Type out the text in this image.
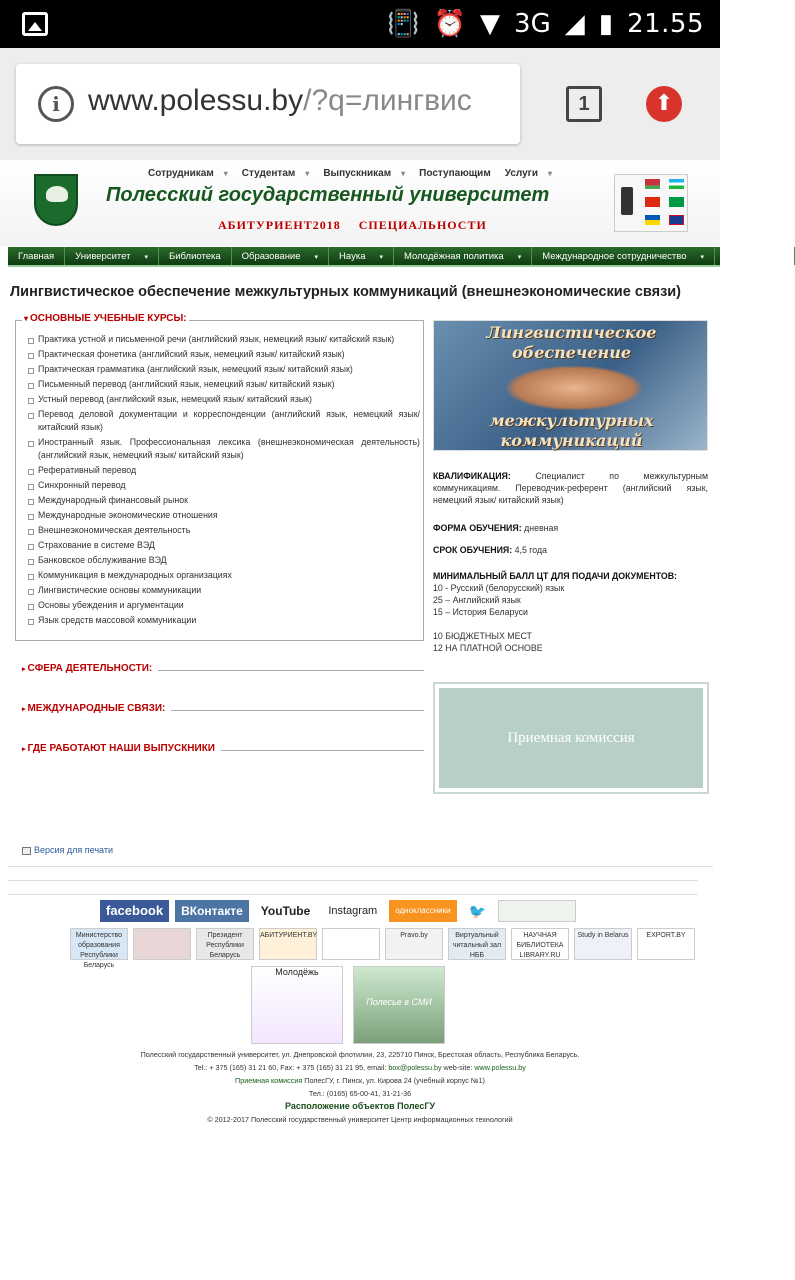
📳 ⏰ ▼ 3G ◢ ▮ 21.55
i www.polessu.by/?q=лингвис	1	⬆
Сотрудникам ▾ Студентам ▾ Выпускникам ▾ Поступающим Услуги ▾
Полесский государственный университет
АБИТУРИЕНТ2018 СПЕЦИАЛЬНОСТИ
Главная	Университет ▾	Библиотека	Образование ▾	Наука ▾	Молодёжная политика ▾	Международное сотрудничество ▾	Контакты ▾
Лингвистическое обеспечение межкультурных коммуникаций (внешнеэкономические связи)
▾ ОСНОВНЫЕ УЧЕБНЫЕ КУРСЫ:
Практика устной и письменной речи (английский язык, немецкий язык/ китайский язык)
Практическая фонетика (английский язык, немецкий язык/ китайский язык)
Практическая грамматика (английский язык, немецкий язык/ китайский язык)
Письменный перевод (английский язык, немецкий язык/ китайский язык)
Устный перевод (английский язык, немецкий язык/ китайский язык)
Перевод деловой документации и корреспонденции (английский язык, немецкий язык/ китайский язык)
Иностранный язык. Профессиональная лексика (внешнеэкономическая деятельность) (английский язык, немецкий язык/ китайский язык)
Реферативный перевод
Синхронный перевод
Международный финансовый рынок
Международные экономические отношения
Внешнеэкономическая деятельность
Страхование в системе ВЭД
Банковское обслуживание ВЭД
Коммуникация в международных организациях
Лингвистические основы коммуникации
Основы убеждения и аргументации
Язык средств массовой коммуникации
▸ СФЕРА ДЕЯТЕЛЬНОСТИ:
▸ МЕЖДУНАРОДНЫЕ СВЯЗИ:
▸ ГДЕ РАБОТАЮТ НАШИ ВЫПУСКНИКИ
Лингвистическое
обеспечение
межкультурных
коммуникаций
КВАЛИФИКАЦИЯ:	Специалист по межкультурным коммуникациям. Переводчик-референт (английский язык, немецкий язык/ китайский язык)
ФОРМА ОБУЧЕНИЯ: дневная
СРОК ОБУЧЕНИЯ: 4,5 года
МИНИМАЛЬНЫЙ БАЛЛ ЦТ ДЛЯ ПОДАЧИ ДОКУМЕНТОВ:
10 - Русский (белорусский) язык
25 – Английский язык
15 – История Беларуси

10 БЮДЖЕТНЫХ МЕСТ
12 НА ПЛАТНОЙ ОСНОВЕ
Приемная комиссия
Версия для печати
facebook	ВКонтакте	YouTube	Instagram	одноклассники	🐦
Министерство образования Республики Беларусь
Президент Республики Беларусь
АБИТУРИЕНТ.BY	Pravo.by	Виртуальный читальный зал НББ
НАУЧНАЯ БИБЛИОТЕКА LIBRARY.RU
Study in Belarus	EXPORT.BY
Молодёжь
Полесье в СМИ
Полесский государственный университет, ул. Днепровской флотилии, 23, 225710 Пинск, Брестская область, Республика Беларусь.
Tel.: + 375 (165) 31 21 60, Fax: + 375 (165) 31 21 95, email: box@polessu.by web-site: www.polessu.by
Приемная комиссия ПолесГУ, г. Пинск, ул. Кирова 24 (учебный корпус №1)
Тел.: (0165) 65-00-41, 31-21-36
Расположение объектов ПолесГУ
© 2012-2017 Полесский государственный университет Центр информационных технологий
